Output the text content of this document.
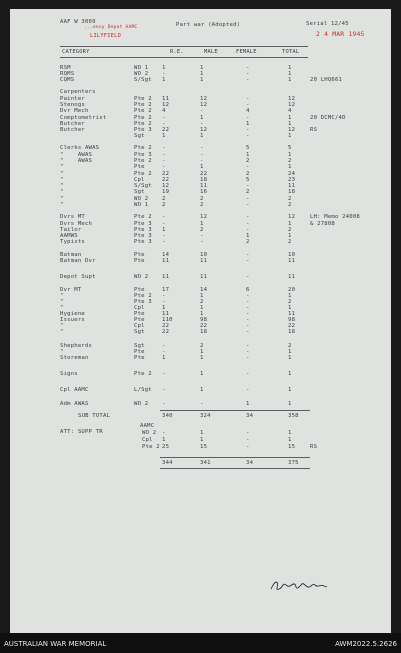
AAF W 3009
...ency Depot AAMC
LILYFIELD
Part war (Adopted)	Serial 12/45
2 4 MAR 1945
CATEGORY	R.E.	MALE	FEMALE	TOTAL
RSM	WO 1 1	1	-	1
RQMS	WO 2 -	1	-	1
CQMS	S/Sgt 1	1	-	1	20 LHQ661
Carpenters
Painter	Pte 2 11	12	-	12
Stenogs	Pte 2 12	12	-	12
Dvr Mech	Pte 2 4	-	4	4
Comptometrist	Pte 2 -	1	-	1	20 DCMC/4D
Butcher	Pte 2 -	-	1	1
Butcher	Pte 3 22	12	-	12	RS
Sgt	1	1	-	1
Clerks AWAS	Pte 2 -	-	5	5
"    AWAS	Pte 3 -	-	1	1
"    AWAS	Pte 2 -	-	2	2
"	Pte	-	1	-	1
"	Pte 2 22	22	2	24
"	Cpl	22	18	5	23
"	S/Sgt 12	11	-	11
"	Sgt	19	16	2	18
"	WO 2 2	2	-	2
"	WO 1 2	2	-	2
Dvrs MT	Pte 2 -	12	-	12	LH: Memo 24008
Dvrs Mech	Pte 3 -	1	-	1	& 27808
Tailor	Pte 3 1	2	-	2
AAMWS	Pte 3 -	-	1	1
Typists	Pte 3 -	-	2	2
Batman	Pte	14	10	-	10
Batman Dvr	Pte	11	11	-	11
Depot Supt	WO 2 11	11	-	11
Dvr MT	Pte	17	14	6	20
"	Pte 2 -	1	-	1
"	Pte 3 -	2	-	2
"	Cpl	1	1	-	1
Hygiene	Pte	11	1	-	11
Issuers	Pte	110	98	-	98
"	Cpl	22	22	-	22
"	Sgt	22	18	-	18
Shepherds	Sgt	-	2	-	2
"	Pte	-	1	-	1
Storeman	Pte	1	1	-	1
Signs	Pte 2 -	1	-	1
Cpl AAMC	L/Sgt -	1	-	1
Adm AWAS	WO 2 -	-	1	1
SUB TOTAL	340	324	34	358
ATT: SUPP TR
AAMC
WO 2 -	1	-	1
Cpl 1	1	-	1
Pte 2 25	15	-	15	RS
344	341	34	375
AUSTRALIAN WAR MEMORIAL	AWM2022.5.2626
